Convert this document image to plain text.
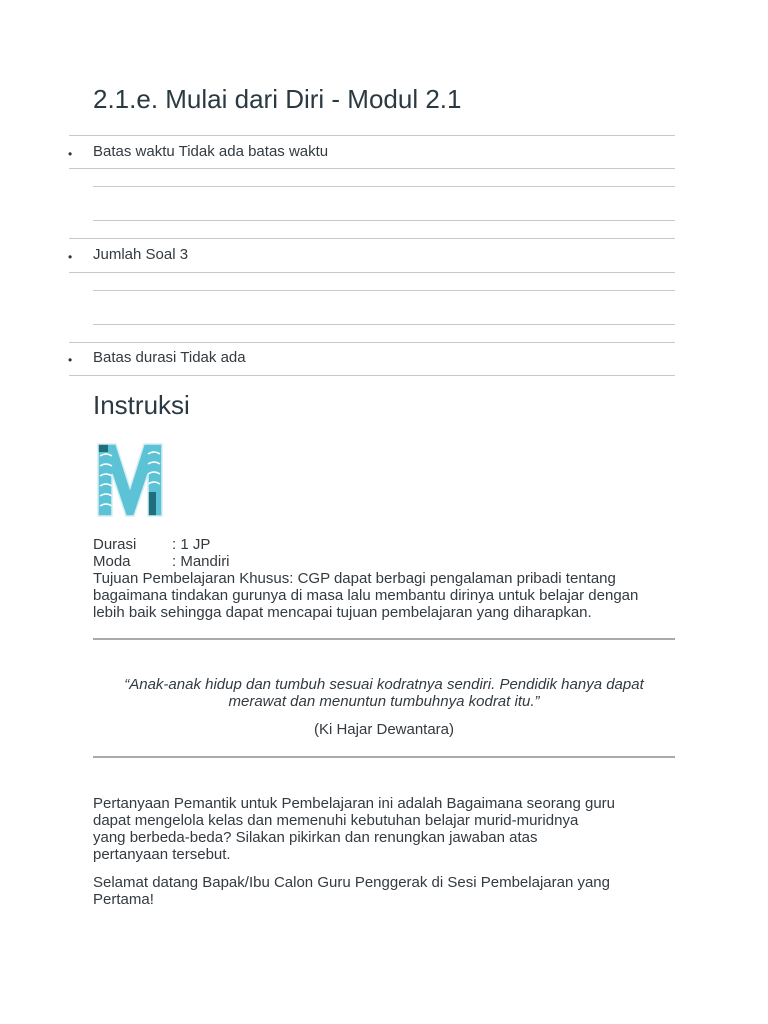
2.1.e. Mulai dari Diri - Modul 2.1
• Batas waktu Tidak ada batas waktu
• Jumlah Soal 3
• Batas durasi Tidak ada
Instruksi
Durasi : 1 JP
Moda	: Mandiri
Tujuan Pembelajaran Khusus: CGP dapat berbagi pengalaman pribadi tentang
bagaimana tindakan gurunya di masa lalu membantu dirinya untuk belajar dengan
lebih baik sehingga dapat mencapai tujuan pembelajaran yang diharapkan.
“Anak-anak hidup dan tumbuh sesuai kodratnya sendiri. Pendidik hanya dapat
merawat dan menuntun tumbuhnya kodrat itu.”
(Ki Hajar Dewantara)
Pertanyaan Pemantik untuk Pembelajaran ini adalah Bagaimana seorang guru
dapat mengelola kelas dan memenuhi kebutuhan belajar murid-muridnya
yang berbeda-beda? Silakan pikirkan dan renungkan jawaban atas
pertanyaan tersebut.
Selamat datang Bapak/Ibu Calon Guru Penggerak di Sesi Pembelajaran yang
Pertama!
